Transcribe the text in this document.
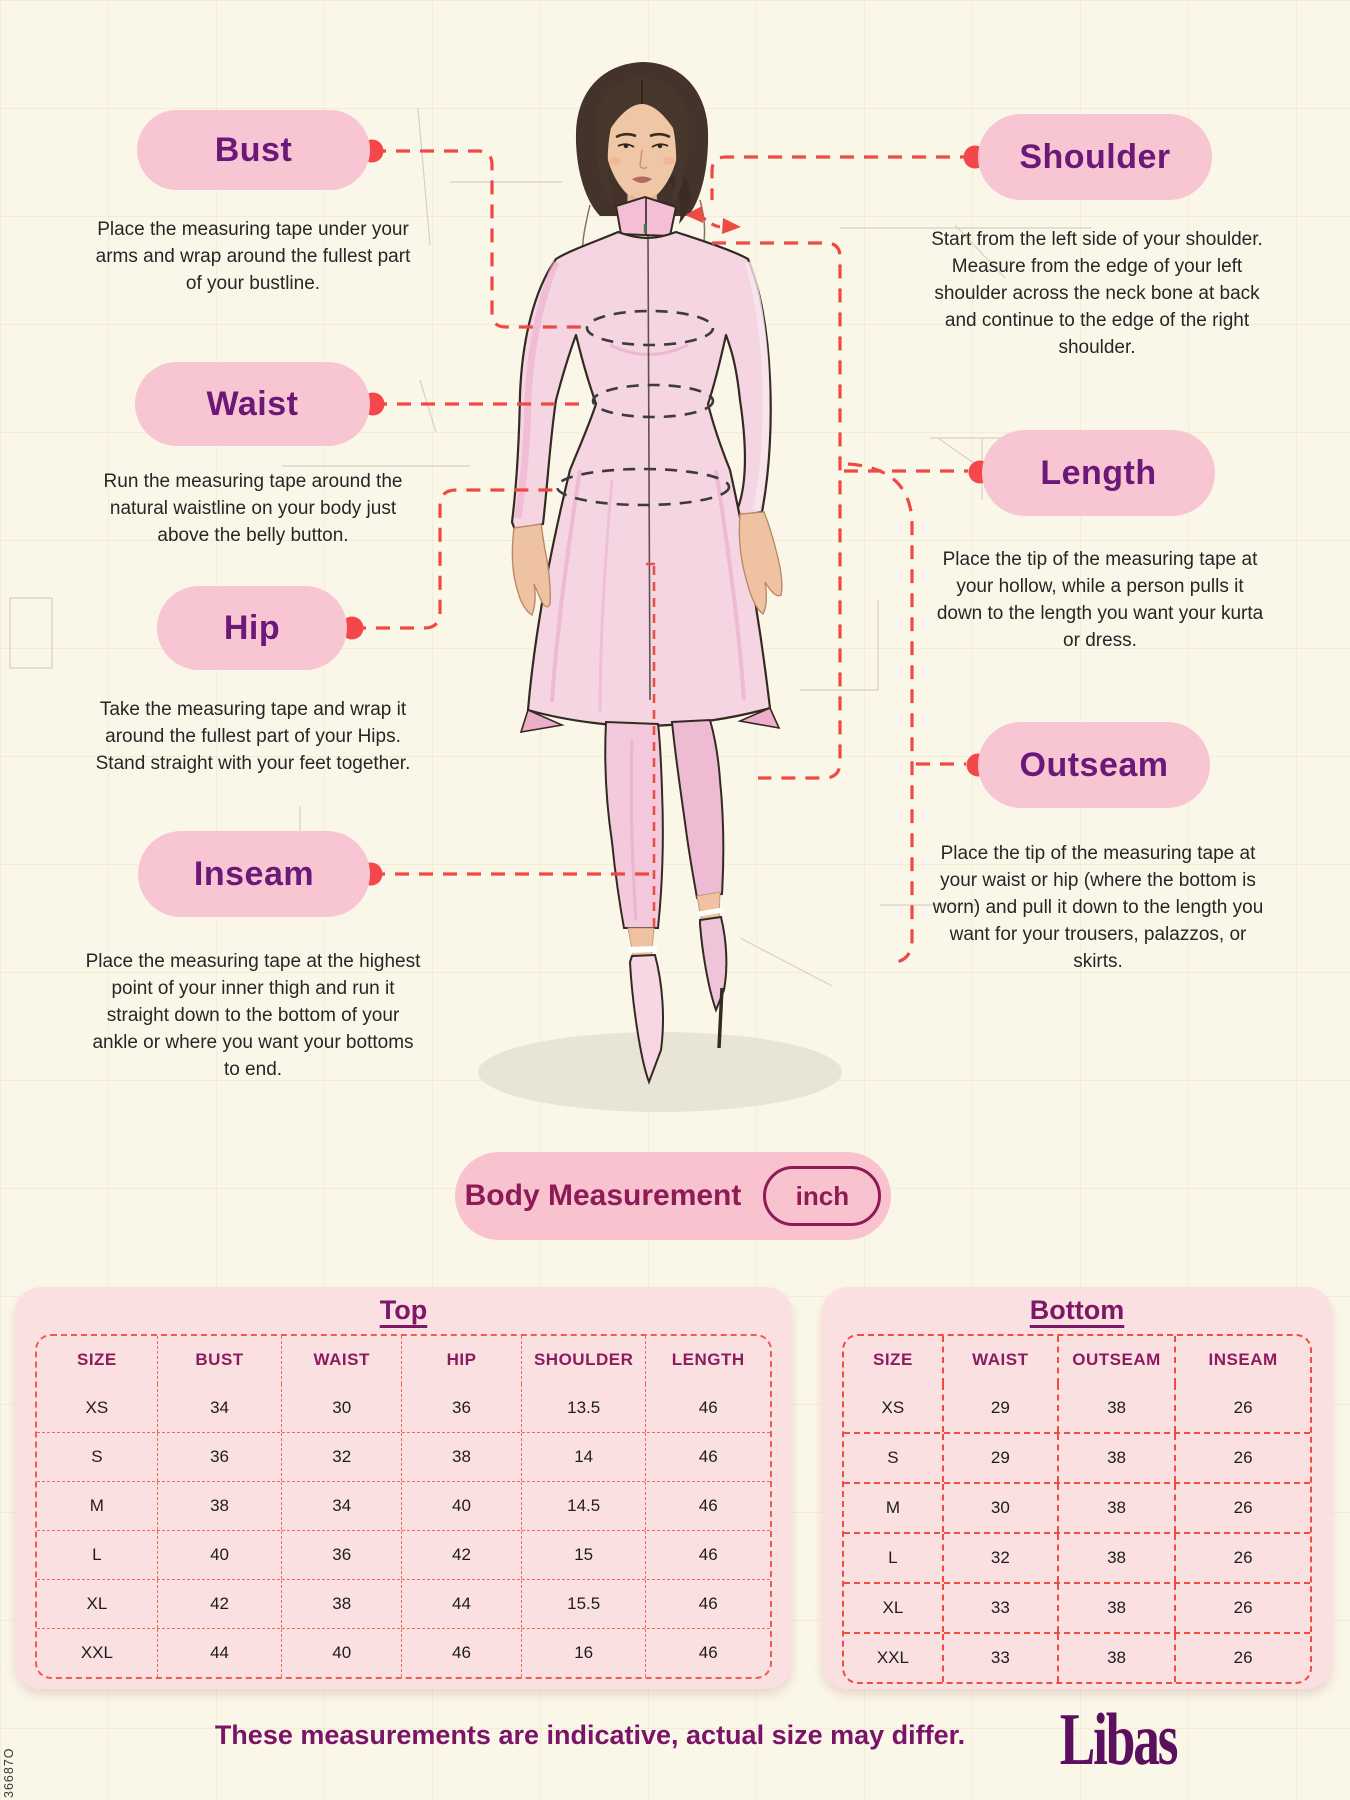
Bust
Waist
Hip
Inseam
Shoulder
Length
Outseam
Place the measuring tape under your arms and wrap around the fullest part of your bustline.
Run the measuring tape around the natural waistline on your body just above the belly button.
Take the measuring tape and wrap it around the fullest part of your Hips. Stand straight with your feet together.
Place the measuring tape at the highest point of your inner thigh and run it straight down to the bottom of your ankle or where you want your bottoms to end.
Start from the left side of your shoulder. Measure from the edge of your left shoulder across the neck bone at back and continue to the edge of the right shoulder.
Place the tip of the measuring tape at your hollow, while a person pulls it down to the length you want your kurta or dress.
Place the tip of the measuring tape at your waist or hip (where the bottom is worn) and pull it down to the length you want for your trousers, palazzos, or skirts.
Body Measurement inch
Top
SIZE	BUST	WAIST	HIP	SHOULDER	LENGTH
XS	34	30	36	13.5	46
S	36	32	38	14	46
M	38	34	40	14.5	46
L	40	36	42	15	46
XL	42	38	44	15.5	46
XXL	44	40	46	16	46
Bottom
SIZE	WAIST	OUTSEAM	INSEAM
XS	29	38	26
S	29	38	26
M	30	38	26
L	32	38	26
XL	33	38	26
XXL	33	38	26
These measurements are indicative, actual size may differ.	Libas
36687O
